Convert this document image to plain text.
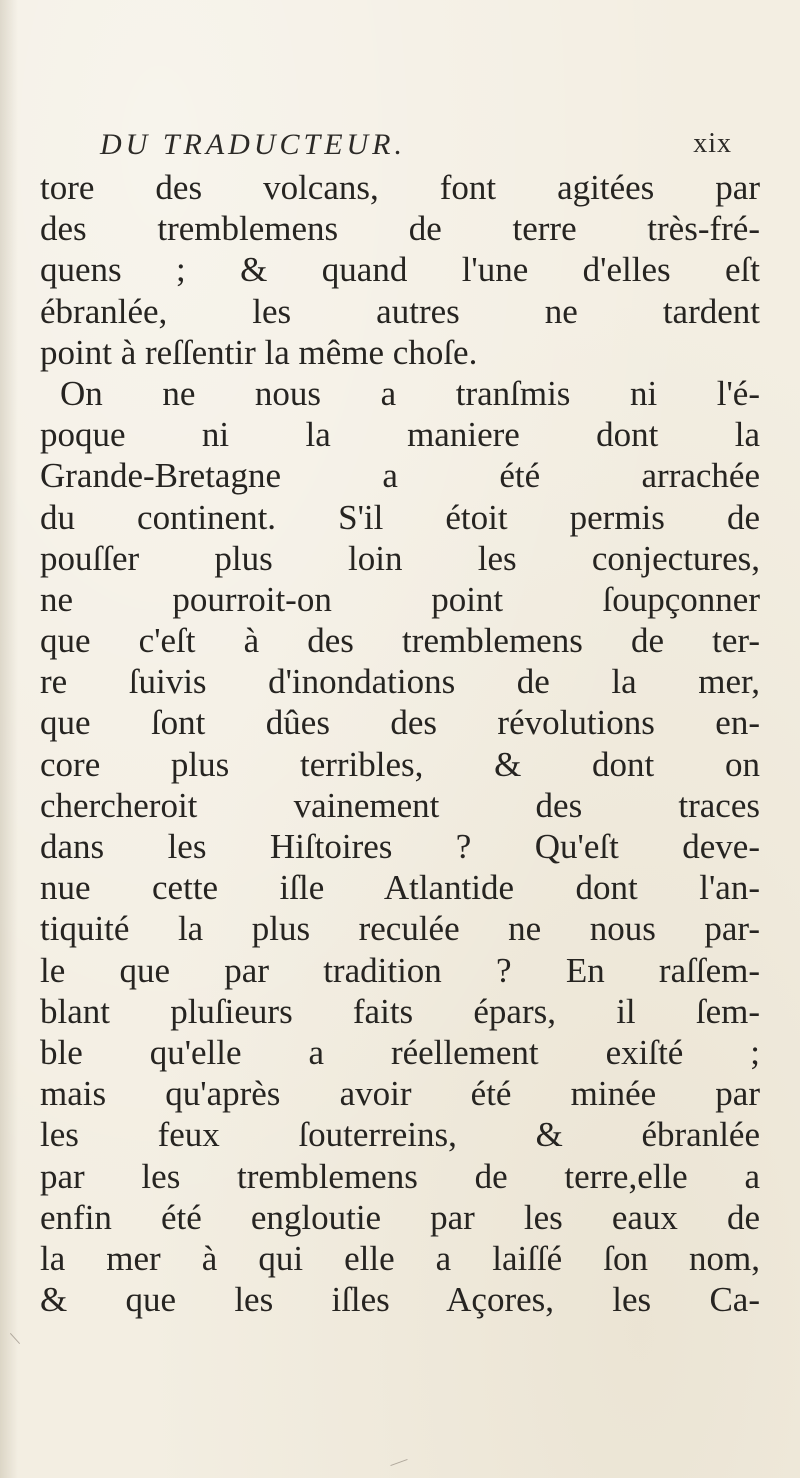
DU TRADUCTEUR.	xix
tore des volcans, font agitées par
des tremblemens de terre très-fré-
quens ; & quand l'une d'elles eſt
ébranlée, les autres ne tardent
point à reſſentir la même choſe.
On ne nous a tranſmis ni l'é-
poque ni la maniere dont la
Grande-Bretagne a été arrachée
du continent. S'il étoit permis de
pouſſer plus loin les conjectures,
ne pourroit-on point ſoupçonner
que c'eſt à des tremblemens de ter-
re ſuivis d'inondations de la mer,
que ſont dûes des révolutions en-
core plus terribles, & dont on
chercheroit vainement des traces
dans les Hiſtoires ? Qu'eſt deve-
nue cette iſle Atlantide dont l'an-
tiquité la plus reculée ne nous par-
le que par tradition ? En raſſem-
blant pluſieurs faits épars, il ſem-
ble qu'elle a réellement exiſté ;
mais qu'après avoir été minée par
les feux ſouterreins, & ébranlée
par les tremblemens de terre,elle a
enfin été engloutie par les eaux de
la mer à qui elle a laiſſé ſon nom,
& que les iſles Açores, les Ca-
